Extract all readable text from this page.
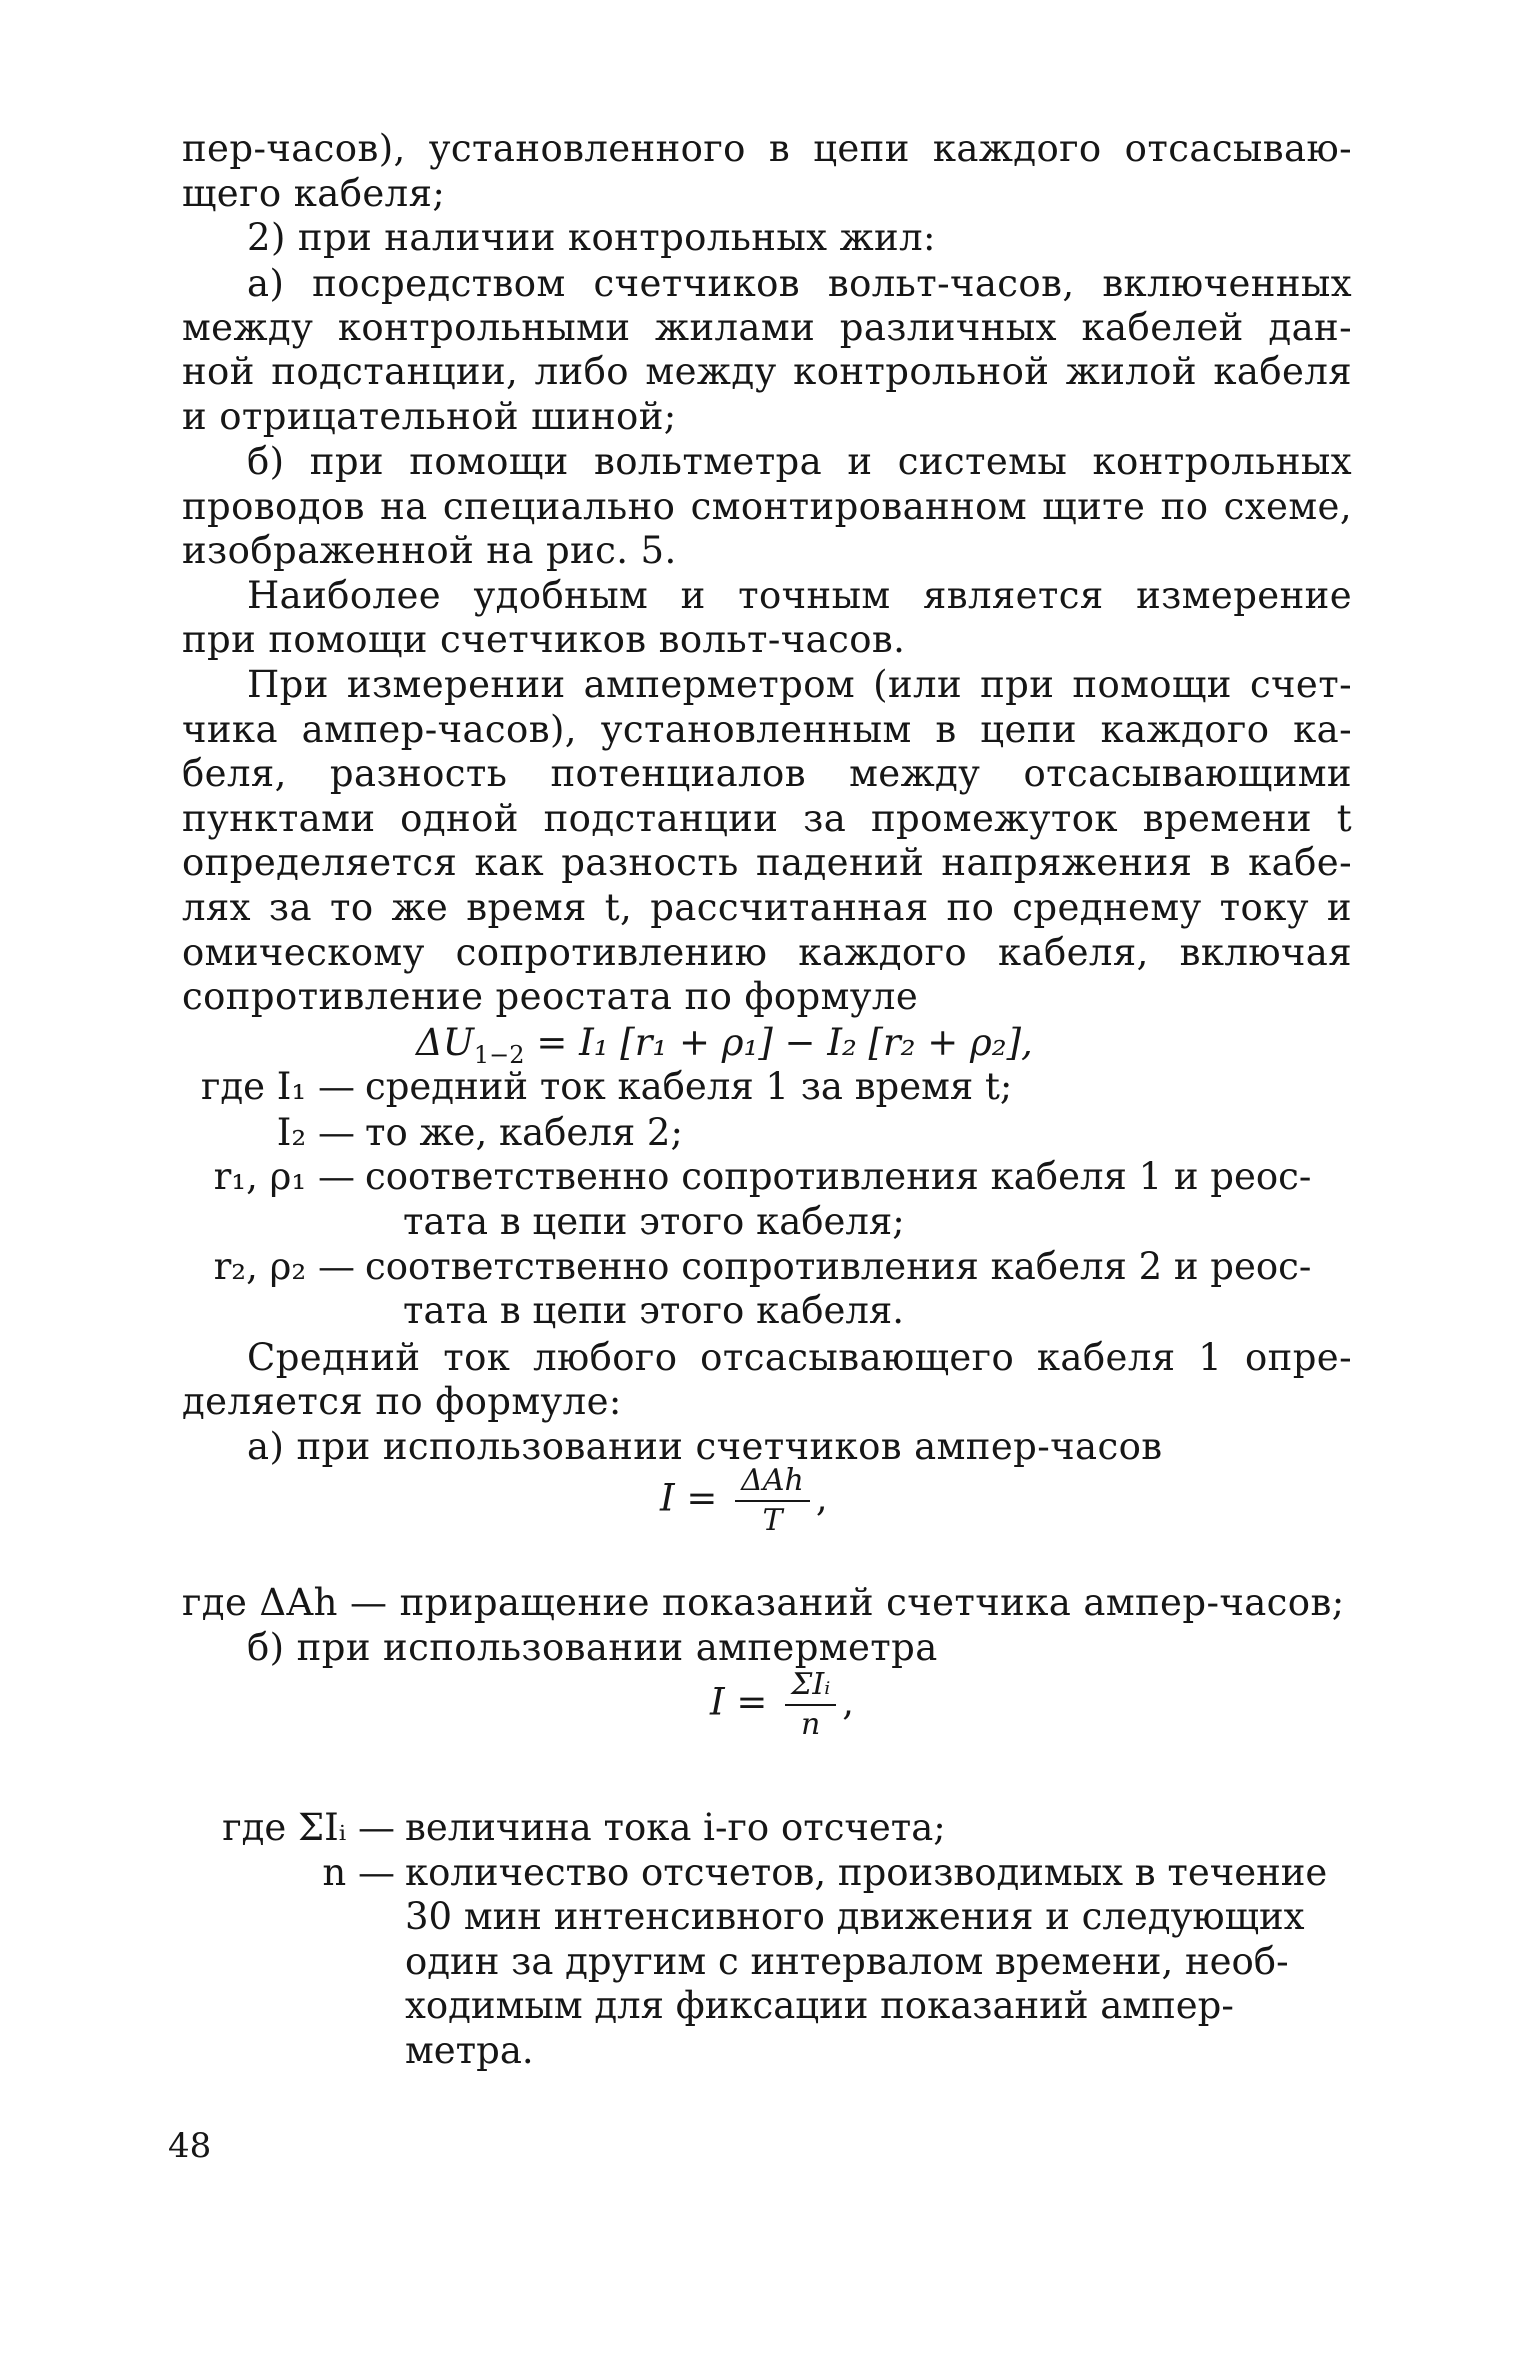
пер-часов), установленного в цепи каждого отсасываю-
щего кабеля;
2) при наличии контрольных жил:
а) посредством счетчиков вольт-часов, включенных
между контрольными жилами различных кабелей дан-
ной подстанции, либо между контрольной жилой кабеля
и отрицательной шиной;
б) при помощи вольтметра и системы контрольных
проводов на специально смонтированном щите по схеме,
изображенной на рис. 5.
Наиболее удобным и точным является измерение
при помощи счетчиков вольт-часов.
При измерении амперметром (или при помощи счет-
чика ампер-часов), установленным в цепи каждого ка-
беля, разность потенциалов между отсасывающими
пунктами одной подстанции за промежуток времени t
определяется как разность падений напряжения в кабе-
лях за то же время t, рассчитанная по среднему току и
омическому сопротивлению каждого кабеля, включая
сопротивление реостата по формуле
$\Delta U_{1-2} = I_1$ [r₁ + ρ₁] − I₂ [r₂ + ρ₂],
где I₁ — средний ток кабеля 1 за время t;
I₂ — то же, кабеля 2;
r₁, ρ₁ — соответственно сопротивления кабеля 1 и реос-
тата в цепи этого кабеля;
r₂, ρ₂ — соответственно сопротивления кабеля 2 и реос-
тата в цепи этого кабеля.
Средний ток любого отсасывающего кабеля 1 опре-
деляется по формуле:
а) при использовании счетчиков ампер-часов
$I = \frac{\text{ΔAh}}{T}$ ,
где ΔAh — приращение показаний счетчика ампер-часов;
б) при использовании амперметра
$I = \frac{\text{ΣIᵢ}}{n}$ ,
где ΣIᵢ — величина тока i-го отсчета;
n — количество отсчетов, производимых в течение
30 мин интенсивного движения и следующих
один за другим с интервалом времени, необ-
ходимым для фиксации показаний ампер-
метра.
48
